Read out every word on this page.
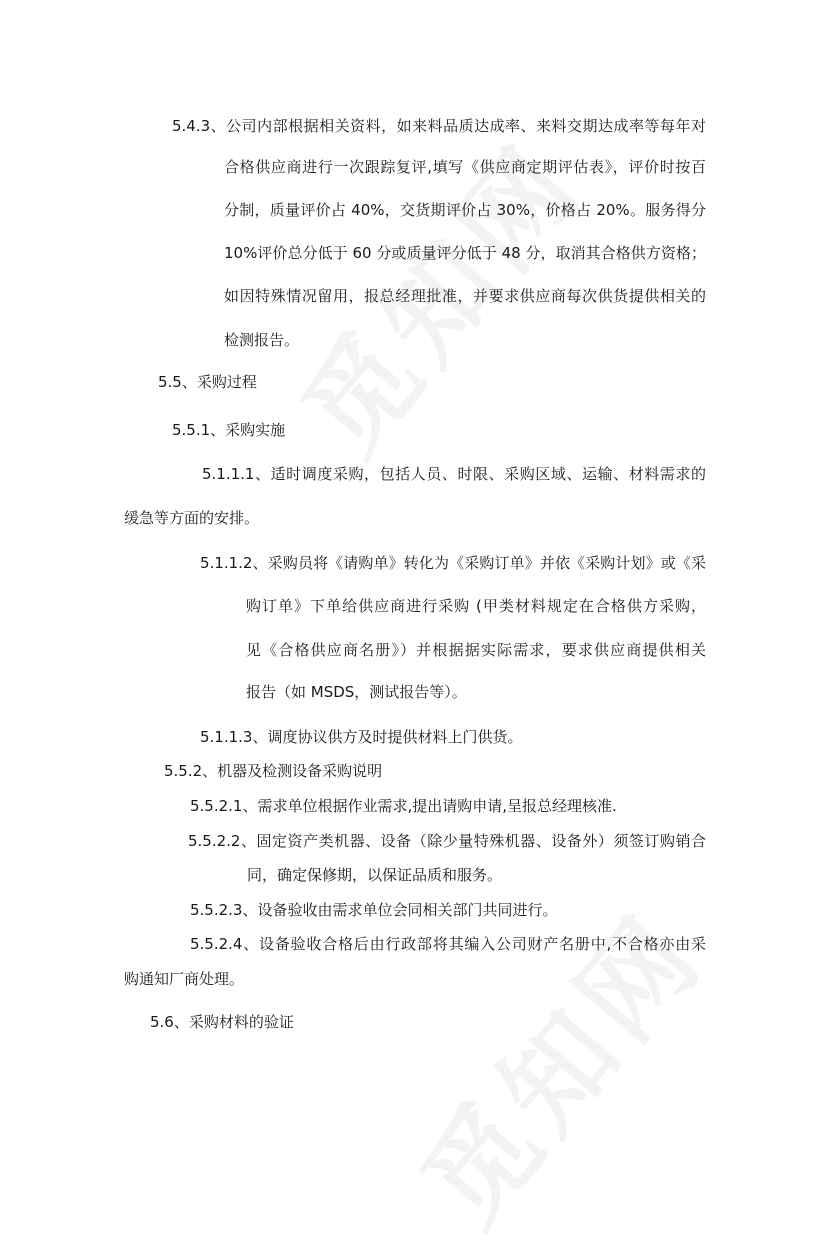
5.4.3、公司内部根据相关资料，如来料品质达成率、来料交期达成率等每年对
合格供应商进行一次跟踪复评,填写《供应商定期评估表》，评价时按百
分制，质量评价占 40%，交货期评价占 30%，价格占 20%。服务得分
10%评价总分低于 60 分或质量评分低于 48 分，取消其合格供方资格；
如因特殊情况留用，报总经理批准，并要求供应商每次供货提供相关的
检测报告。
5.5、采购过程
5.5.1、采购实施
5.1.1.1、适时调度采购，包括人员、时限、采购区域、运输、材料需求的
缓急等方面的安排。
5.1.1.2、采购员将《请购单》转化为《采购订单》并依《采购计划》或《采
购订单》下单给供应商进行采购 (甲类材料规定在合格供方采购，
见《合格供应商名册》）并根据据实际需求，要求供应商提供相关
报告（如 MSDS，测试报告等）。
5.1.1.3、调度协议供方及时提供材料上门供货。
5.5.2、机器及检测设备采购说明
5.5.2.1、需求单位根据作业需求,提出请购申请,呈报总经理核准.
5.5.2.2、固定资产类机器、设备（除少量特殊机器、设备外）须签订购销合
同，确定保修期，以保证品质和服务。
5.5.2.3、设备验收由需求单位会同相关部门共同进行。
5.5.2.4、设备验收合格后由行政部将其编入公司财产名册中,不合格亦由采
购通知厂商处理。
5.6、采购材料的验证
